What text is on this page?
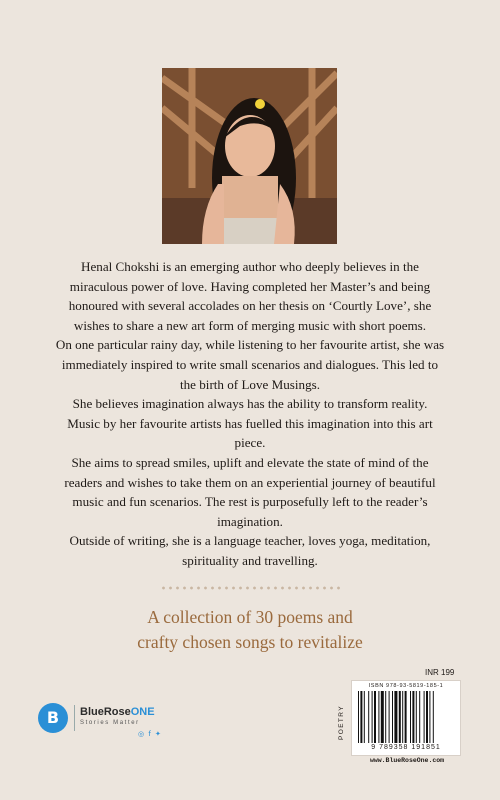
Henal Chokshi is an emerging author who deeply believes in the miraculous power of love. Having completed her Master’s and being honoured with several accolades on her thesis on ‘Courtly Love’, she wishes to share a new art form of merging music with short poems.

On one particular rainy day, while listening to her favourite artist, she was immediately inspired to write small scenarios and dialogues. This led to the birth of Love Musings.

She believes imagination always has the ability to transform reality. Music by her favourite artists has fuelled this imagination into this art piece.

She aims to spread smiles, uplift and elevate the state of mind of the readers and wishes to take them on an experiential journey of beautiful music and fun scenarios. The rest is purposefully left to the reader’s imagination.

Outside of writing, she is a language teacher, loves yoga, meditation, spirituality and travelling.

A collection of 30 poems and

crafty chosen songs to revitalize

B	BlueRoseONE
Stories Matter
◎ f ✦
INR 199
POETRY
ISBN 978-93-5819-185-1
9 789358 191851
www.BlueRoseOne.com
